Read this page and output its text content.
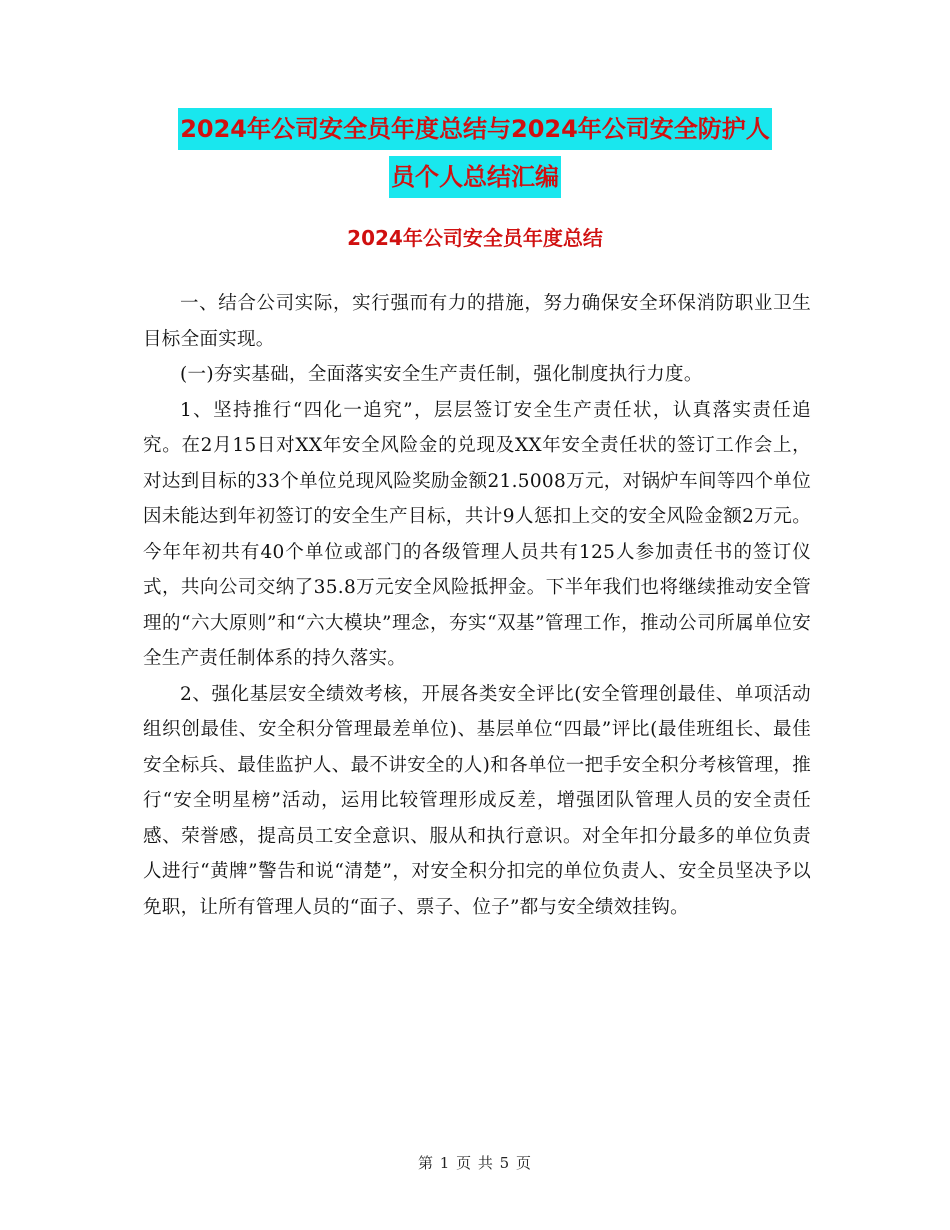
2024年公司安全员年度总结与2024年公司安全防护人
员个人总结汇编
2024年公司安全员年度总结

一、结合公司实际，实行强而有力的措施，努力确保安全环保消防职业卫生目标全面实现。

(一)夯实基础，全面落实安全生产责任制，强化制度执行力度。

1、坚持推行“四化一追究”，层层签订安全生产责任状，认真落实责任追究。在2月15日对XX年安全风险金的兑现及XX年安全责任状的签订工作会上，对达到目标的33个单位兑现风险奖励金额21.5008万元，对锅炉车间等四个单位因未能达到年初签订的安全生产目标，共计9人惩扣上交的安全风险金额2万元。今年年初共有40个单位或部门的各级管理人员共有125人参加责任书的签订仪式，共向公司交纳了35.8万元安全风险抵押金。下半年我们也将继续推动安全管理的“六大原则”和“六大模块”理念，夯实“双基”管理工作，推动公司所属单位安全生产责任制体系的持久落实。

2、强化基层安全绩效考核，开展各类安全评比(安全管理创最佳、单项活动组织创最佳、安全积分管理最差单位)、基层单位“四最”评比(最佳班组长、最佳安全标兵、最佳监护人、最不讲安全的人)和各单位一把手安全积分考核管理，推行“安全明星榜”活动，运用比较管理形成反差，增强团队管理人员的安全责任感、荣誉感，提高员工安全意识、服从和执行意识。对全年扣分最多的单位负责人进行“黄牌”警告和说“清楚”，对安全积分扣完的单位负责人、安全员坚决予以免职，让所有管理人员的“面子、票子、位子”都与安全绩效挂钩。

第 1 页 共 5 页
